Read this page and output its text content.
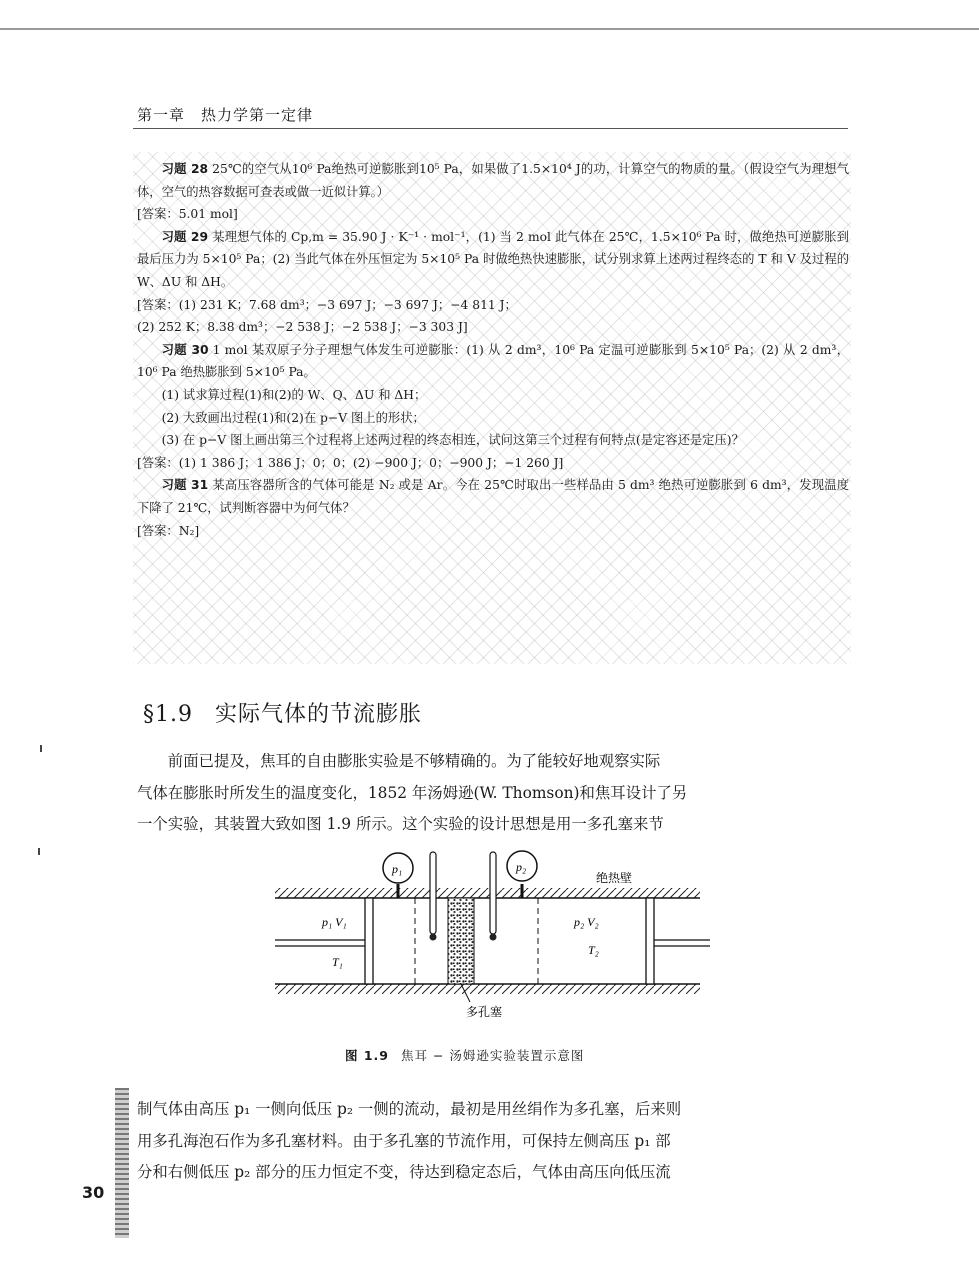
第一章　热力学第一定律

习题 28 25℃的空气从10⁶ Pa绝热可逆膨胀到10⁵ Pa，如果做了1.5×10⁴ J的功，计算空气的物质的量。（假设空气为理想气体，空气的热容数据可查表或做一近似计算。）

[答案：5.01 mol]

习题 29 某理想气体的 Cp,m = 35.90 J · K⁻¹ · mol⁻¹，(1) 当 2 mol 此气体在 25℃，1.5×10⁶ Pa 时，做绝热可逆膨胀到最后压力为 5×10⁵ Pa；(2) 当此气体在外压恒定为 5×10⁵ Pa 时做绝热快速膨胀，试分别求算上述两过程终态的 T 和 V 及过程的 W、ΔU 和 ΔH。

[答案：(1) 231 K；7.68 dm³；−3 697 J；−3 697 J；−4 811 J；

(2) 252 K；8.38 dm³；−2 538 J；−2 538 J；−3 303 J]

习题 30 1 mol 某双原子分子理想气体发生可逆膨胀：(1) 从 2 dm³，10⁶ Pa 定温可逆膨胀到 5×10⁵ Pa；(2) 从 2 dm³，10⁶ Pa 绝热膨胀到 5×10⁵ Pa。

(1) 试求算过程(1)和(2)的 W、Q、ΔU 和 ΔH；

(2) 大致画出过程(1)和(2)在 p−V 图上的形状；

(3) 在 p−V 图上画出第三个过程将上述两过程的终态相连，试问这第三个过程有何特点(是定容还是定压)？

[答案：(1) 1 386 J；1 386 J；0；0；(2) −900 J；0；−900 J；−1 260 J]

习题 31 某高压容器所含的气体可能是 N₂ 或是 Ar。今在 25℃时取出一些样品由 5 dm³ 绝热可逆膨胀到 6 dm³，发现温度下降了 21℃，试判断容器中为何气体？

[答案：N₂]

§1.9 实际气体的节流膨胀

前面已提及，焦耳的自由膨胀实验是不够精确的。为了能较好地观察实际

气体在膨胀时所发生的温度变化，1852 年汤姆逊(W. Thomson)和焦耳设计了另

一个实验，其装置大致如图 1.9 所示。这个实验的设计思想是用一多孔塞来节

p₁	p₂
绝热壁
p₁ V₁
T₁
p₂ V₂
T₂
多孔塞
图 1.9 焦耳 − 汤姆逊实验装置示意图

制气体由高压 p₁ 一侧向低压 p₂ 一侧的流动，最初是用丝绢作为多孔塞，后来则

用多孔海泡石作为多孔塞材料。由于多孔塞的节流作用，可保持左侧高压 p₁ 部

分和右侧低压 p₂ 部分的压力恒定不变，待达到稳定态后，气体由高压向低压流

30
